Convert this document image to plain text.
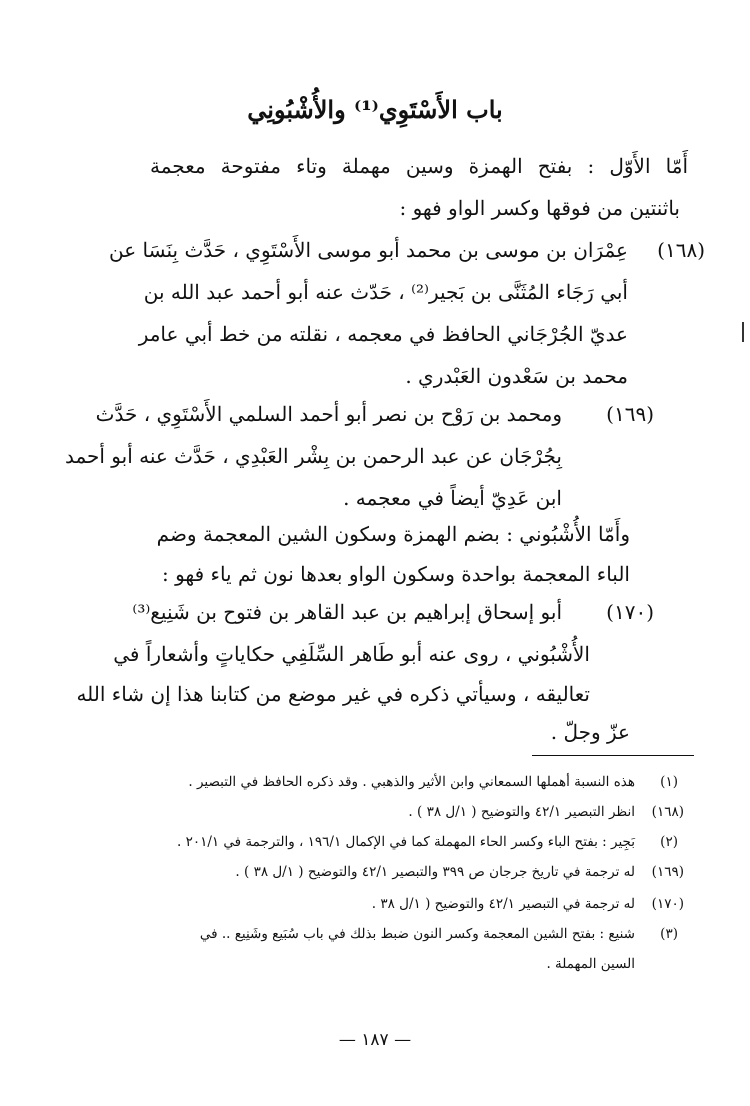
باب الأَسْتَوِي⁽¹⁾ والأُشْبُونِي
أَمّا الأَوّل : بفتح الهمزة وسين مهملة وتاء مفتوحة معجمة
باثنتين من فوقها وكسر الواو فهو :
(١٦٨)
عِمْرَان بن موسى بن محمد أبو موسى الأَسْتَوِي ، حَدَّث بِنَسَا عن
أبي رَجَاء المُثَنَّى بن بَجير⁽²⁾ ، حَدّث عنه أبو أحمد عبد الله بن
عديّ الجُرْجَاني الحافظ في معجمه ، نقلته من خط أبي عامر
محمد بن سَعْدون العَبْدري .
(١٦٩)
ومحمد بن رَوْح بن نصر أبو أحمد السلمي الأَسْتَوِي ، حَدَّث
بِجُرْجَان عن عبد الرحمن بن بِشْر العَبْدِي ، حَدَّث عنه أبو أحمد
ابن عَدِيّ أيضاً في معجمه .
وأَمّا الأُشْبُوني : بضم الهمزة وسكون الشين المعجمة وضم
الباء المعجمة بواحدة وسكون الواو بعدها نون ثم ياء فهو :
(١٧٠)
أبو إسحاق إبراهيم بن عبد القاهر بن فتوح بن شَنِيع⁽³⁾
الأُشْبُوني ، روى عنه أبو طَاهر السِّلَفِي حكاياتٍ وأشعاراً في
تعاليقه ، وسيأتي ذكره في غير موضع من كتابنا هذا إن شاء الله
عزّ وجلّ .
(١)
هذه النسبة أهملها السمعاني وابن الأثير والذهبي . وقد ذكره الحافظ في التبصير .
(١٦٨)
انظر التبصير ٤٢/١ والتوضيح ( ١/ل ٣٨ ) .
(٢)
بَجِير : بفتح الباء وكسر الحاء المهملة كما في الإكمال ١٩٦/١ ، والترجمة في ٢٠١/١ .
(١٦٩)
له ترجمة في تاريخ جرجان ص ٣٩٩ والتبصير ٤٢/١ والتوضيح ( ١/ل ٣٨ ) .
(١٧٠)
له ترجمة في التبصير ٤٢/١ والتوضيح ( ١/ل ٣٨ .
(٣)
شنيع : بفتح الشين المعجمة وكسر النون ضبط بذلك في باب سُبَيع وشَنِيع .. في
السين المهملة .
— ١٨٧ —
